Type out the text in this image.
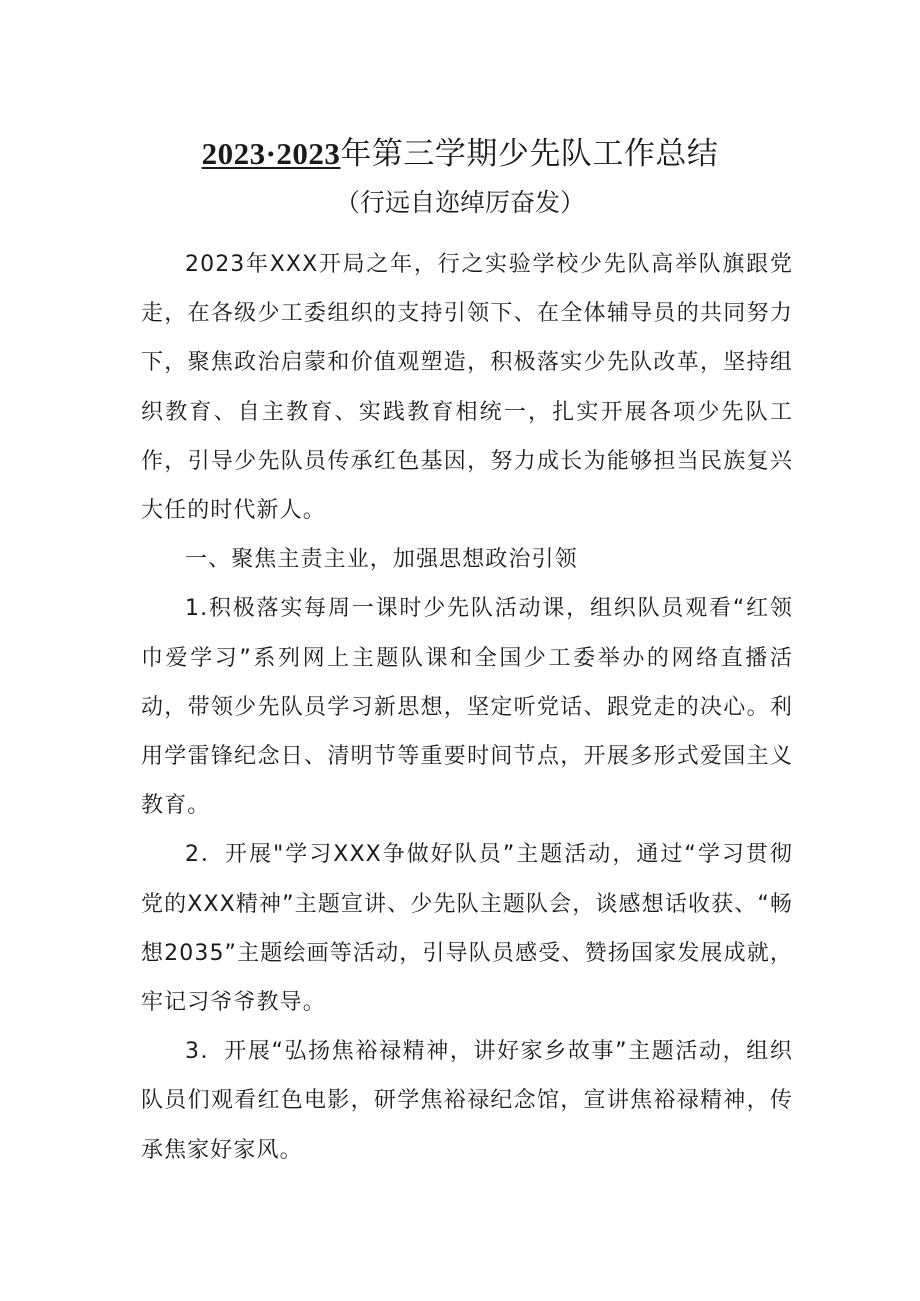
2023·2023年第三学期少先队工作总结
（行远自迩绰厉奋发）

2023年XXX开局之年，行之实验学校少先队高举队旗跟党走，在各级少工委组织的支持引领下、在全体辅导员的共同努力下，聚焦政治启蒙和价值观塑造，积极落实少先队改革，坚持组织教育、自主教育、实践教育相统一，扎实开展各项少先队工作，引导少先队员传承红色基因，努力成长为能够担当民族复兴大任的时代新人。

一、聚焦主责主业，加强思想政治引领

1.积极落实每周一课时少先队活动课，组织队员观看“红领巾爱学习”系列网上主题队课和全国少工委举办的网络直播活动，带领少先队员学习新思想，坚定听党话、跟党走的决心。利用学雷锋纪念日、清明节等重要时间节点，开展多形式爱国主义教育。

2．开展"学习XXX争做好队员”主题活动，通过“学习贯彻党的XXX精神”主题宣讲、少先队主题队会，谈感想话收获、“畅想2035”主题绘画等活动，引导队员感受、赞扬国家发展成就，牢记习爷爷教导。

3．开展“弘扬焦裕禄精神，讲好家乡故事”主题活动，组织队员们观看红色电影，研学焦裕禄纪念馆，宣讲焦裕禄精神，传承焦家好家风。
